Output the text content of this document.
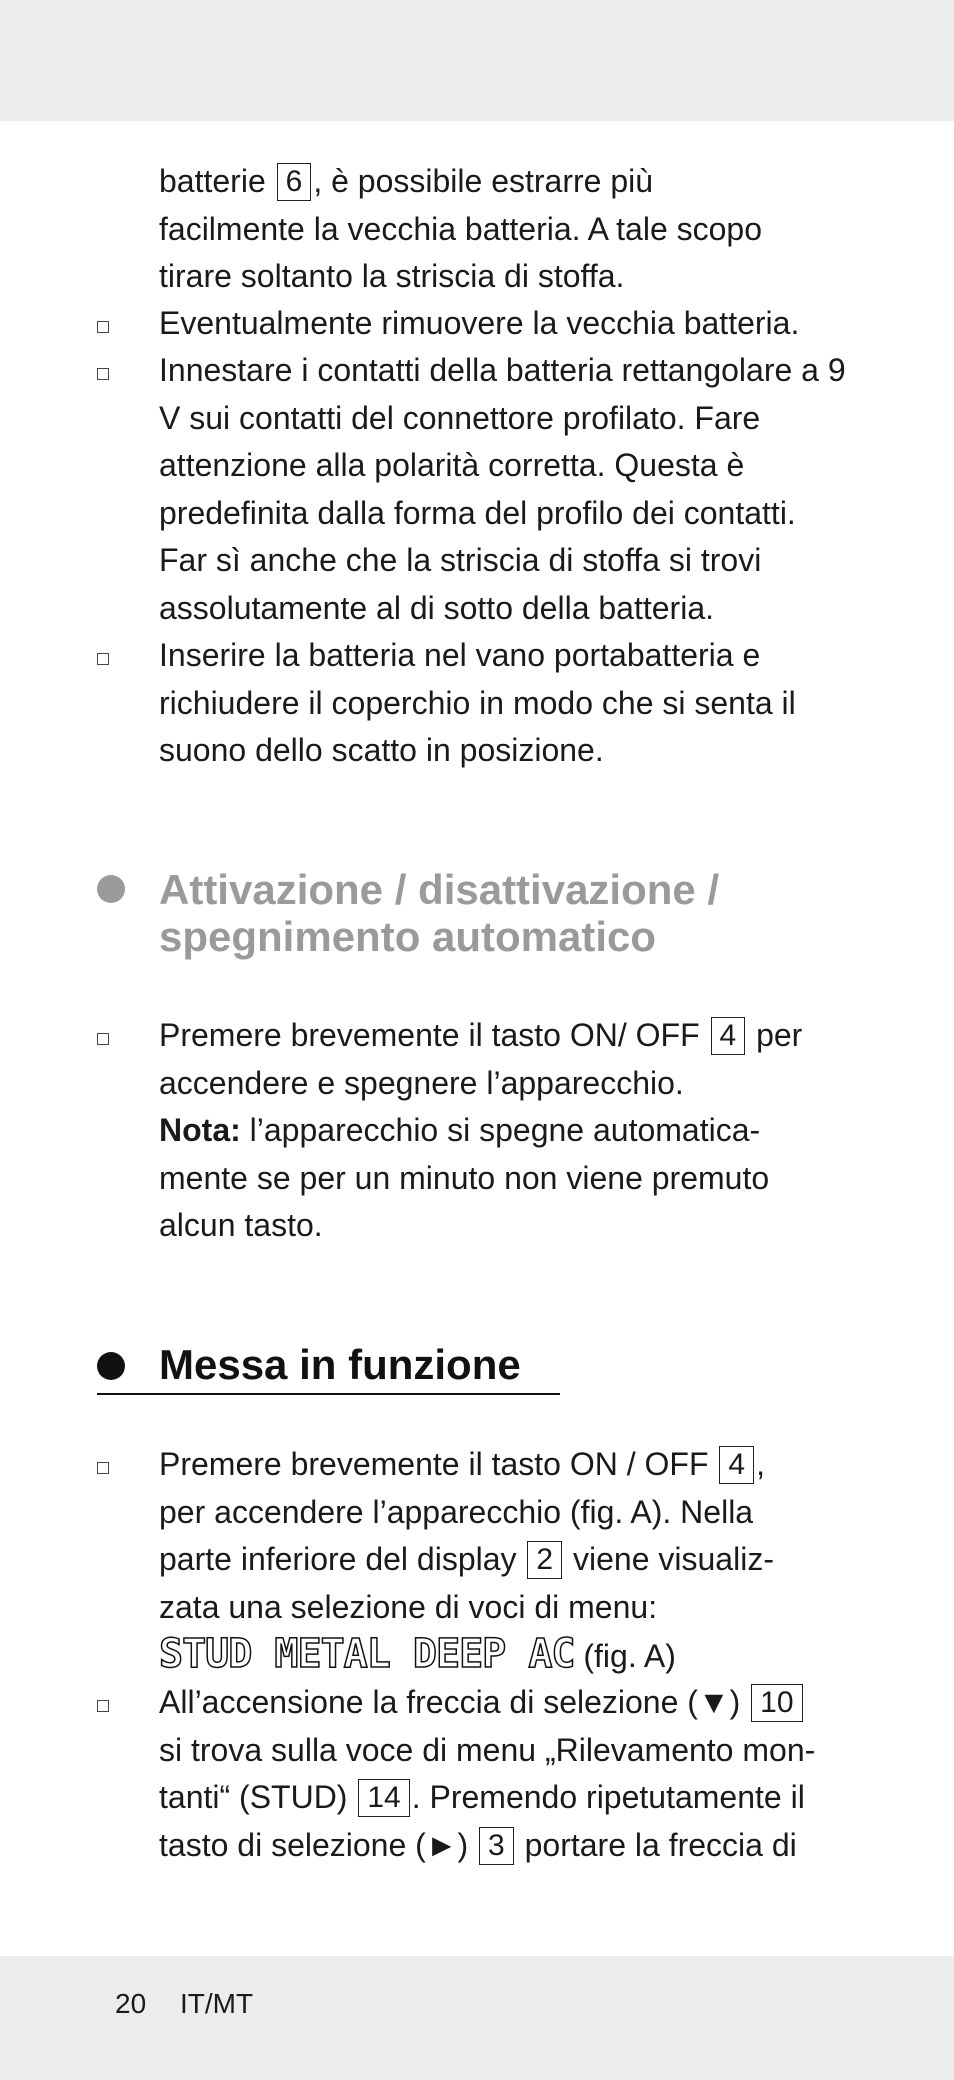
batterie 6 , è possibile estrarre più
facilmente la vecchia batteria. A tale scopo
tirare soltanto la striscia di stoffa.
Eventualmente rimuovere la vecchia batteria.
Innestare i contatti della batteria rettangolare a 9 V sui contatti del connettore profilato. Fare attenzione alla polarità corretta. Questa è predefinita dalla forma del profilo dei contatti. Far sì anche che la striscia di stoffa si trovi assolutamente al di sotto della batteria.
Inserire la batteria nel vano portabatteria e richiudere il coperchio in modo che si senta il suono dello scatto in posizione.
Attivazione / disattivazione /
spegnimento automatico
Premere brevemente il tasto ON/ OFF 4 per
accendere e spegnere l’apparecchio.
Nota: l’apparecchio si spegne automatica-
mente se per un minuto non viene premuto
alcun tasto.
Messa in funzione
Premere brevemente il tasto ON / OFF 4 ,
per accendere l’apparecchio (fig. A). Nella
parte inferiore del display 2 viene visualiz-
zata una selezione di voci di menu:
STUD METAL DEEP AC (fig. A)
All’accensione la freccia di selezione (▼) 10
si trova sulla voce di menu „Rilevamento mon-
tanti“ (STUD) 14 . Premendo ripetutamente il
tasto di selezione (►) 3 portare la freccia di
20 IT/MT
